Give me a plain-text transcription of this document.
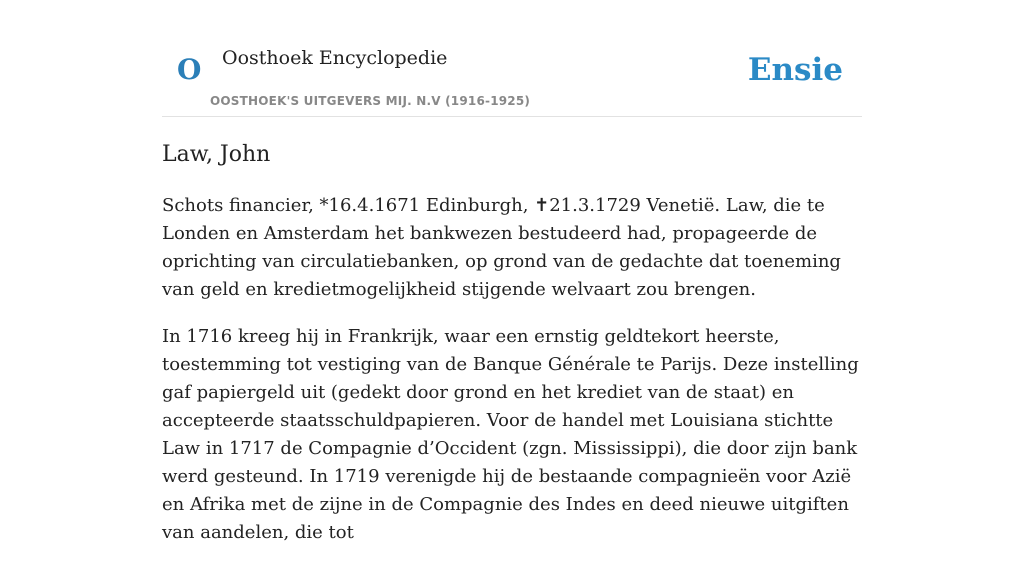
O Oosthoek Encyclopedie
OOSTHOEK'S UITGEVERS MIJ. N.V (1916-1925)
Ensie
Law, John

Schots financier, *16.4.1671 Edinburgh, ✝21.3.1729 Venetië. Law, die te Londen en Amsterdam het bankwezen bestudeerd had, propageerde de oprichting van circulatiebanken, op grond van de gedachte dat toeneming van geld en kredietmogelijkheid stijgende welvaart zou brengen.

In 1716 kreeg hij in Frankrijk, waar een ernstig geldtekort heerste, toestemming tot vestiging van de Banque Générale te Parijs. Deze instelling gaf papiergeld uit (gedekt door grond en het krediet van de staat) en accepteerde staatsschuldpapieren. Voor de handel met Louisiana stichtte Law in 1717 de Compagnie d’Occident (zgn. Mississippi), die door zijn bank werd gesteund. In 1719 verenigde hij de bestaande compagnieën voor Azië en Afrika met de zijne in de Compagnie des Indes en deed nieuwe uitgiften van aandelen, die tot
